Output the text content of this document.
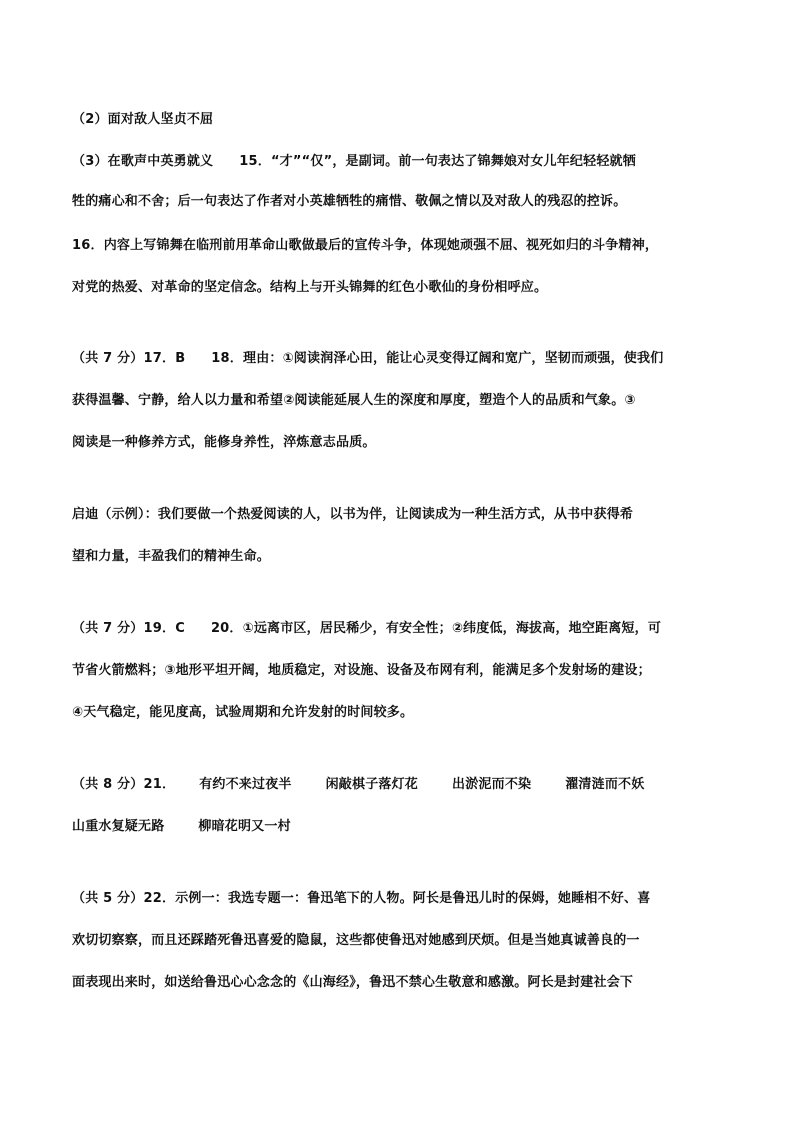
（2）面对敌人坚贞不屈
（3）在歌声中英勇就义 15．“才”“仅”，是副词。前一句表达了锦舞娘对女儿年纪轻轻就牺
牲的痛心和不舍；后一句表达了作者对小英雄牺牲的痛惜、敬佩之情以及对敌人的残忍的控诉。
16．内容上写锦舞在临刑前用革命山歌做最后的宣传斗争，体现她顽强不屈、视死如归的斗争精神，
对党的热爱、对革命的坚定信念。结构上与开头锦舞的红色小歌仙的身份相呼应。
（共 7 分）17．B 18．理由：①阅读润泽心田，能让心灵变得辽阔和宽广，坚韧而顽强，使我们
获得温馨、宁静，给人以力量和希望②阅读能延展人生的深度和厚度，塑造个人的品质和气象。③
阅读是一种修养方式，能修身养性，淬炼意志品质。
启迪（示例）：我们要做一个热爱阅读的人，以书为伴，让阅读成为一种生活方式，从书中获得希
望和力量，丰盈我们的精神生命。
（共 7 分）19．C 20．①远离市区，居民稀少，有安全性；②纬度低，海拔高，地空距离短，可
节省火箭燃料；③地形平坦开阔，地质稳定，对设施、设备及布网有利，能满足多个发射场的建设；
④天气稳定，能见度高，试验周期和允许发射的时间较多。
（共 8 分）21． 有约不来过夜半	闲敲棋子落灯花	出淤泥而不染	濯清涟而不妖
山重水复疑无路	柳暗花明又一村
（共 5 分）22．示例一：我选专题一：鲁迅笔下的人物。阿长是鲁迅儿时的保姆，她睡相不好、喜
欢切切察察，而且还踩踏死鲁迅喜爱的隐鼠，这些都使鲁迅对她感到厌烦。但是当她真诚善良的一
面表现出来时，如送给鲁迅心心念念的《山海经》，鲁迅不禁心生敬意和感激。阿长是封建社会下
